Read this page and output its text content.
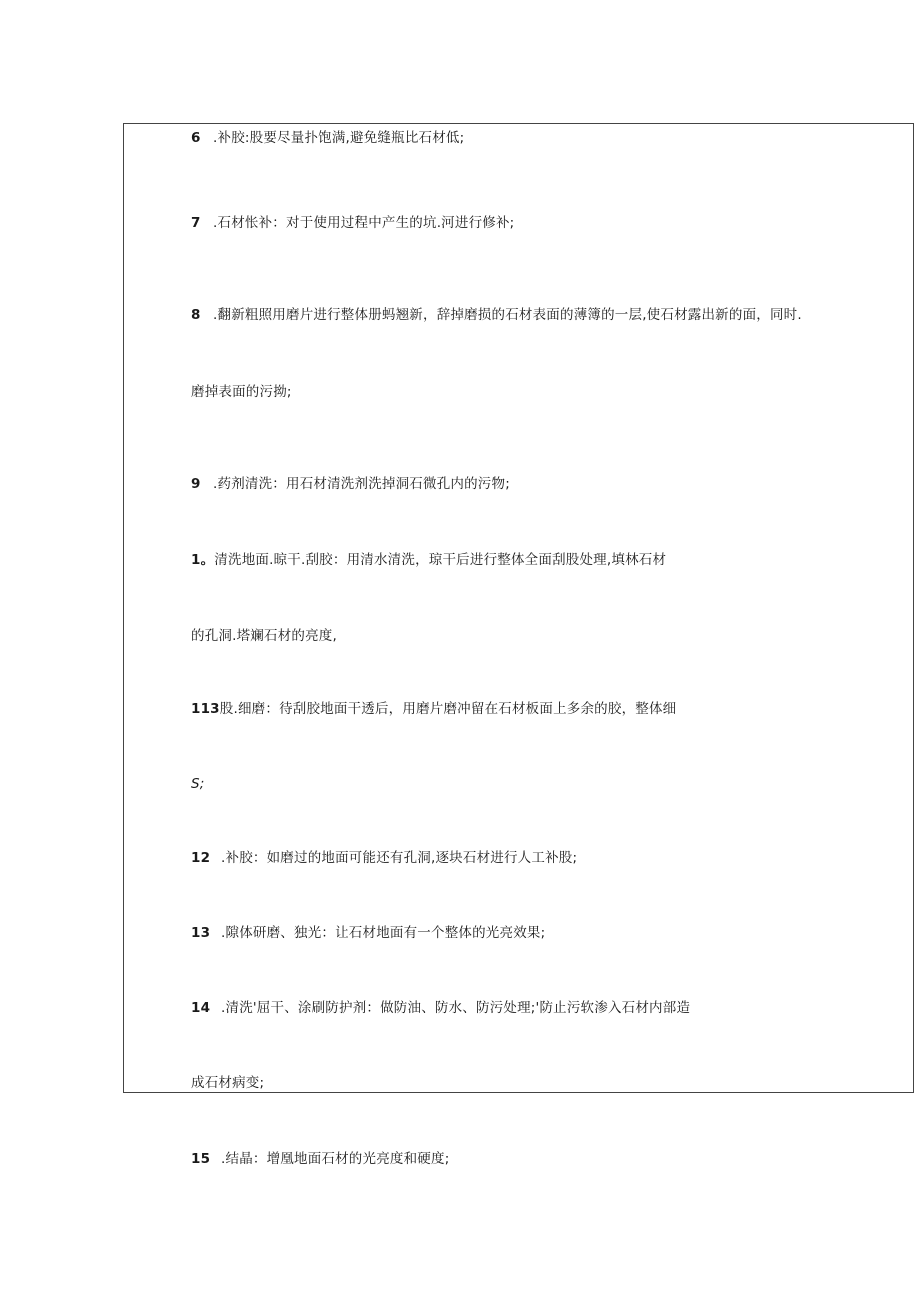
6 .补胶:股要尽量扑饱满,避免缝瓶比石材低;
7 .石材怅补：对于使用过程中产生的坑.河进行修补;
8 .翻新粗照用磨片进行整体册蚂翘新，辞掉磨损的石材表面的薄簿的一层,使石材露出新的面，同时.
磨掉表面的污拗;
9 .药剂清洗：用石材清洗剂洗掉洞石微孔内的污物;
1。清洗地面.晾干.刮胶：用清水清洗，琼干后进行整体全面刮股处理,填林石材
的孔洞.塔斓石材的亮度,
113股.细磨：待刮胶地面干透后，用磨片磨冲留在石材板面上多余的胶，整体细
S;
12 .补胶：如磨过的地面可能还有孔洞,逐块石材进行人工补股;
13 .隙体研磨、独光：让石材地面有一个整体的光亮效果;
14 .清洗'屈干、涂刷防护剂：做防油、防水、防污处理;'防止污软渗入石材内部造
成石材病变;
15 .结晶：增凰地面石材的光亮度和硬度;
